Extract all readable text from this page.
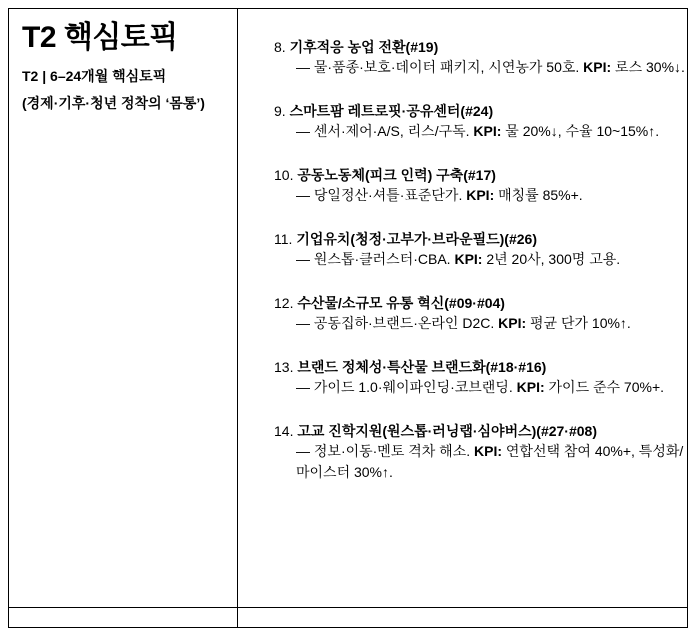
T2 핵심토픽
T2 | 6–24개월 핵심토픽
(경제·기후·청년 정착의 ‘몸통’)
8. 기후적응 농업 전환(#19)
— 물·품종·보호·데이터 패키지, 시연농가 50호. KPI: 로스 30%↓.
9. 스마트팜 레트로핏·공유센터(#24)
— 센서·제어·A/S, 리스/구독. KPI: 물 20%↓, 수율 10~15%↑.
10. 공동노동체(피크 인력) 구축(#17)
— 당일정산·셔틀·표준단가. KPI: 매칭률 85%+.
11. 기업유치(청정·고부가·브라운필드)(#26)
— 원스톱·클러스터·CBA. KPI: 2년 20사, 300명 고용.
12. 수산물/소규모 유통 혁신(#09·#04)
— 공동집하·브랜드·온라인 D2C. KPI: 평균 단가 10%↑.
13. 브랜드 정체성·특산물 브랜드화(#18·#16)
— 가이드 1.0·웨이파인딩·코브랜딩. KPI: 가이드 준수 70%+.
14. 고교 진학지원(원스톱·러닝랩·심야버스)(#27·#08)
— 정보·이동·멘토 격차 해소. KPI: 연합선택 참여 40%+, 특성화/마이스터 30%↑.
